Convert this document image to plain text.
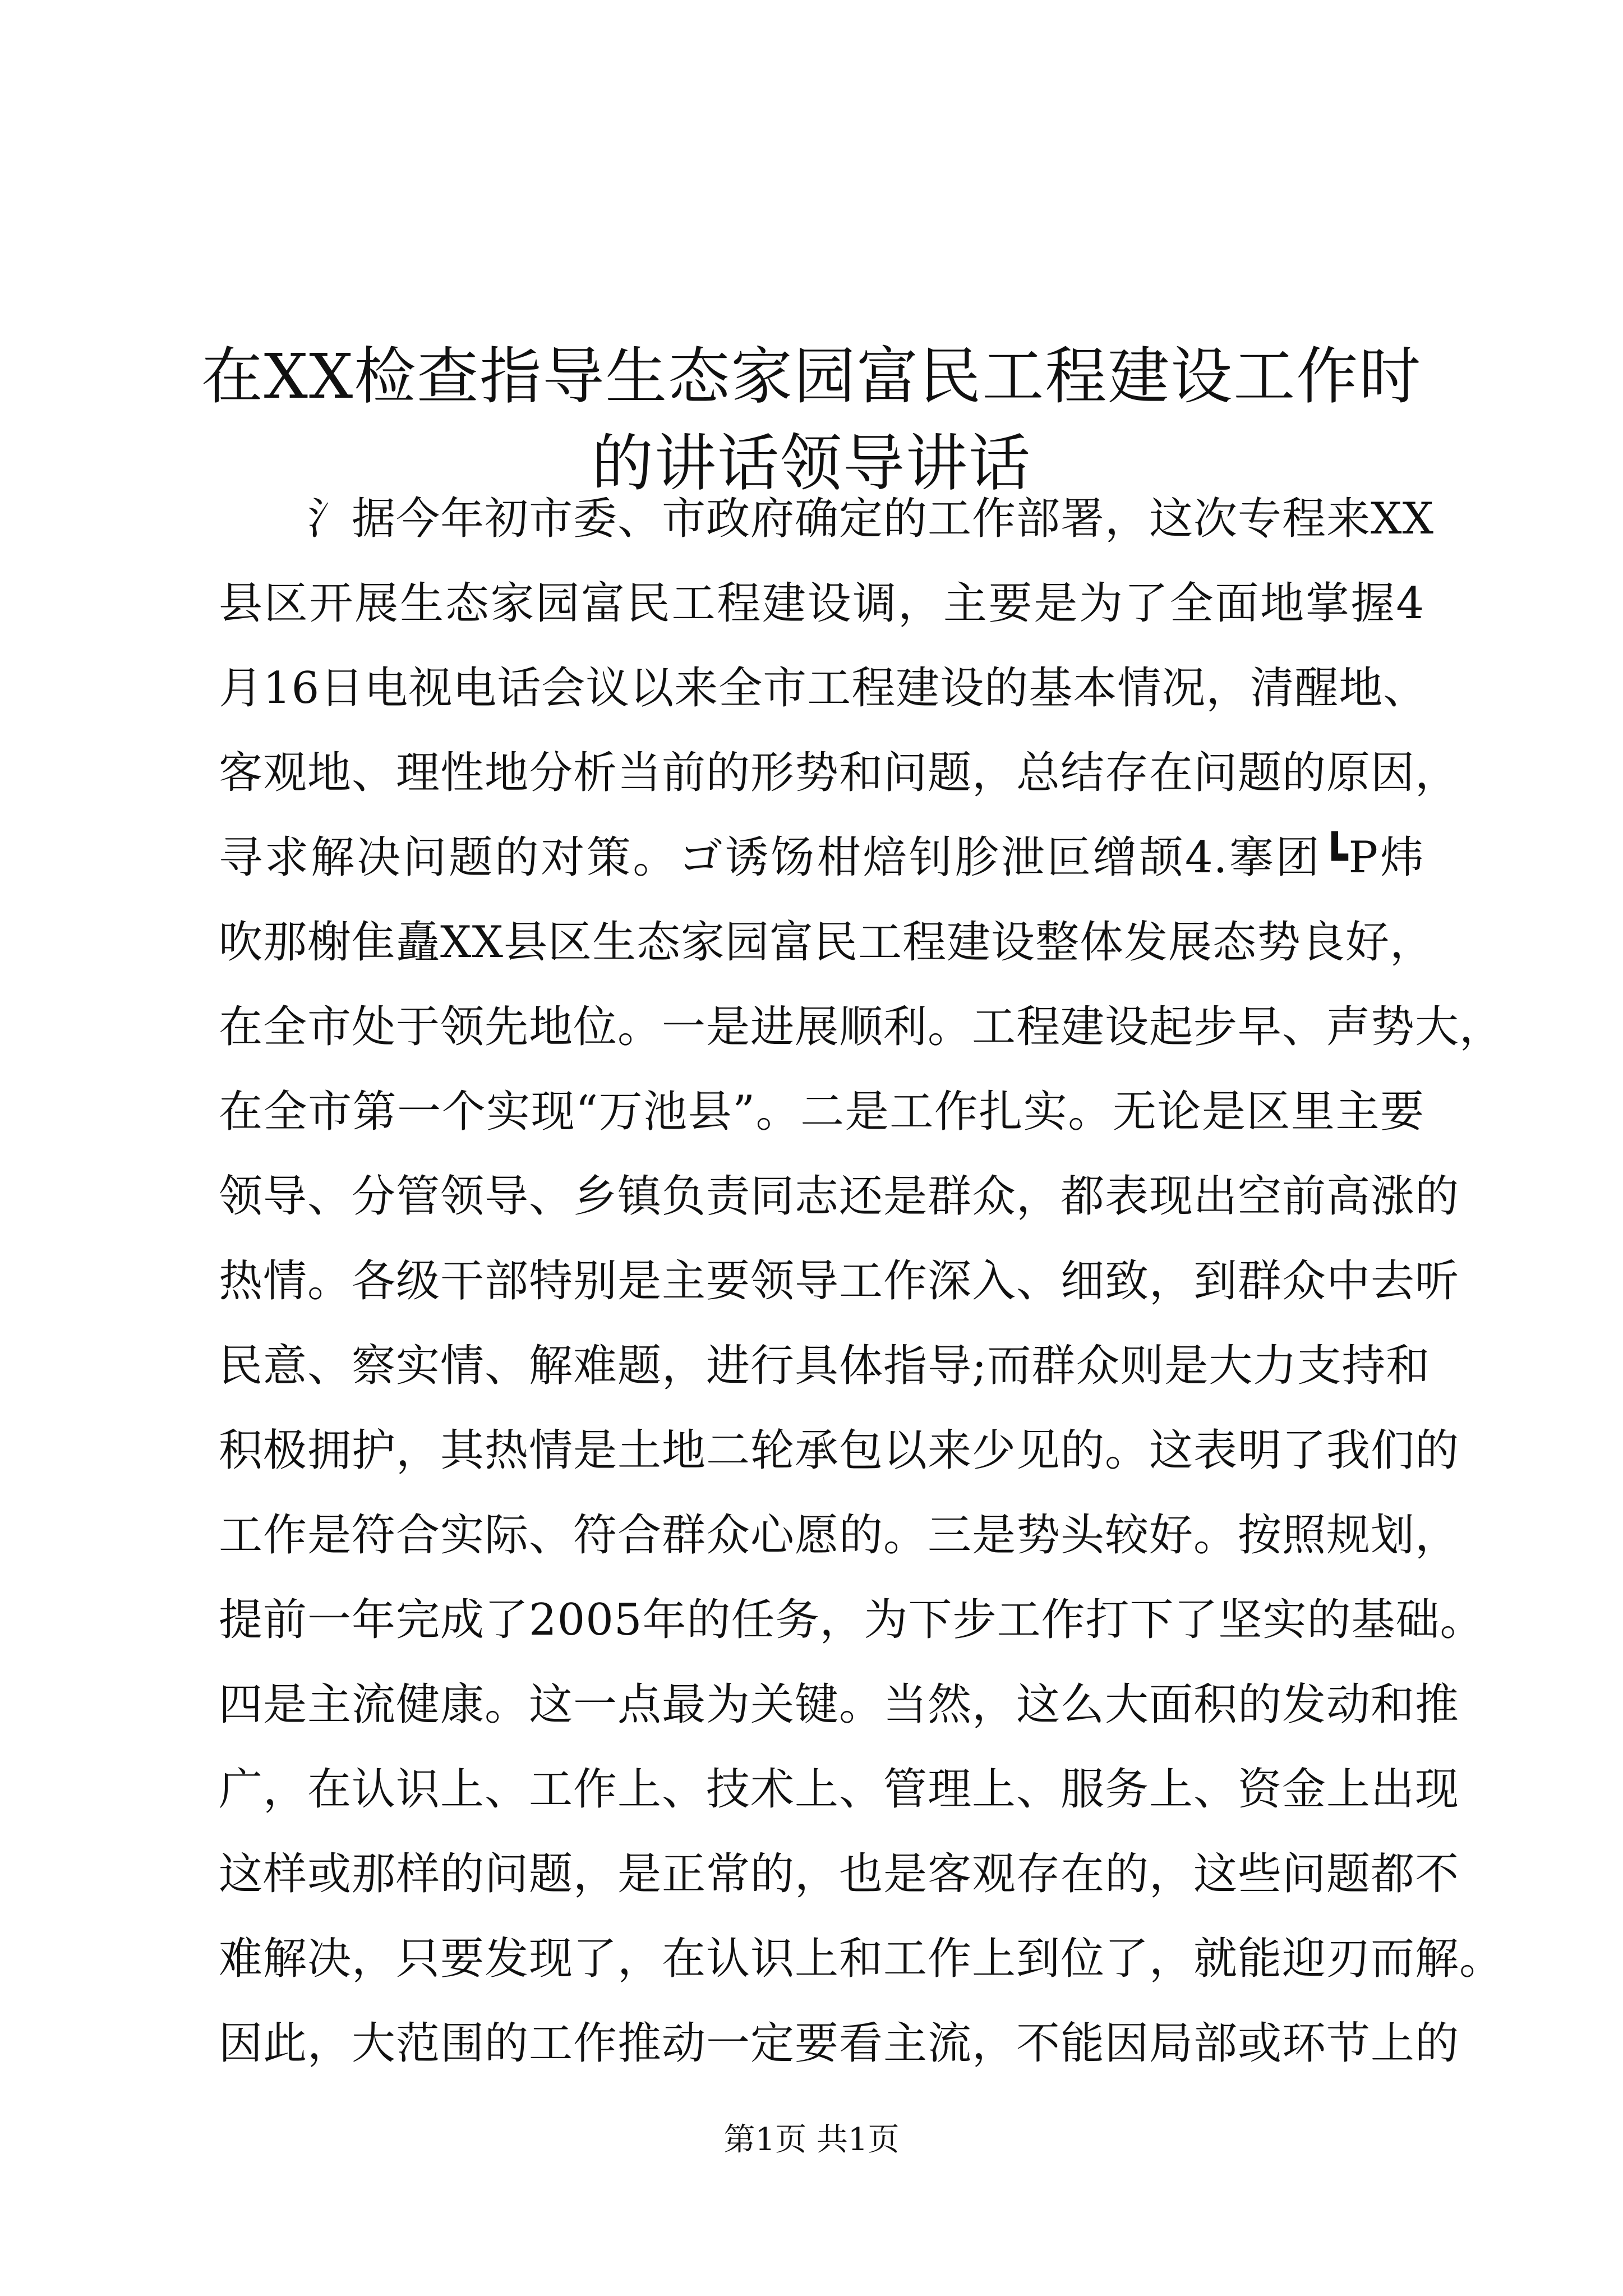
在XX检查指导生态家园富民工程建设工作时
的讲话领导讲话
氵据今年初市委、市政府确定的工作部署，这次专程来XX
县区开展生态家园富民工程建设调，主要是为了全面地掌握4
月16日电视电话会议以来全市工程建设的基本情况，清醒地、
客观地、理性地分析当前的形势和问题，总结存在问题的原因，
寻求解决问题的对策。ゴ诱饧柑焙钊胗泄叵缯颉4.搴团┗P炜
吹那榭隹矗XX县区生态家园富民工程建设整体发展态势良好，
在全市处于领先地位。一是进展顺利。工程建设起步早、声势大，
在全市第一个实现“万池县”。二是工作扎实。无论是区里主要
领导、分管领导、乡镇负责同志还是群众，都表现出空前高涨的
热情。各级干部特别是主要领导工作深入、细致，到群众中去听
民意、察实情、解难题，进行具体指导;而群众则是大力支持和
积极拥护，其热情是土地二轮承包以来少见的。这表明了我们的
工作是符合实际、符合群众心愿的。三是势头较好。按照规划，
提前一年完成了2005年的任务，为下步工作打下了坚实的基础。
四是主流健康。这一点最为关键。当然，这么大面积的发动和推
广，在认识上、工作上、技术上、管理上、服务上、资金上出现
这样或那样的问题，是正常的，也是客观存在的，这些问题都不
难解决，只要发现了，在认识上和工作上到位了，就能迎刃而解。
因此，大范围的工作推动一定要看主流，不能因局部或环节上的
第1页 共1页
